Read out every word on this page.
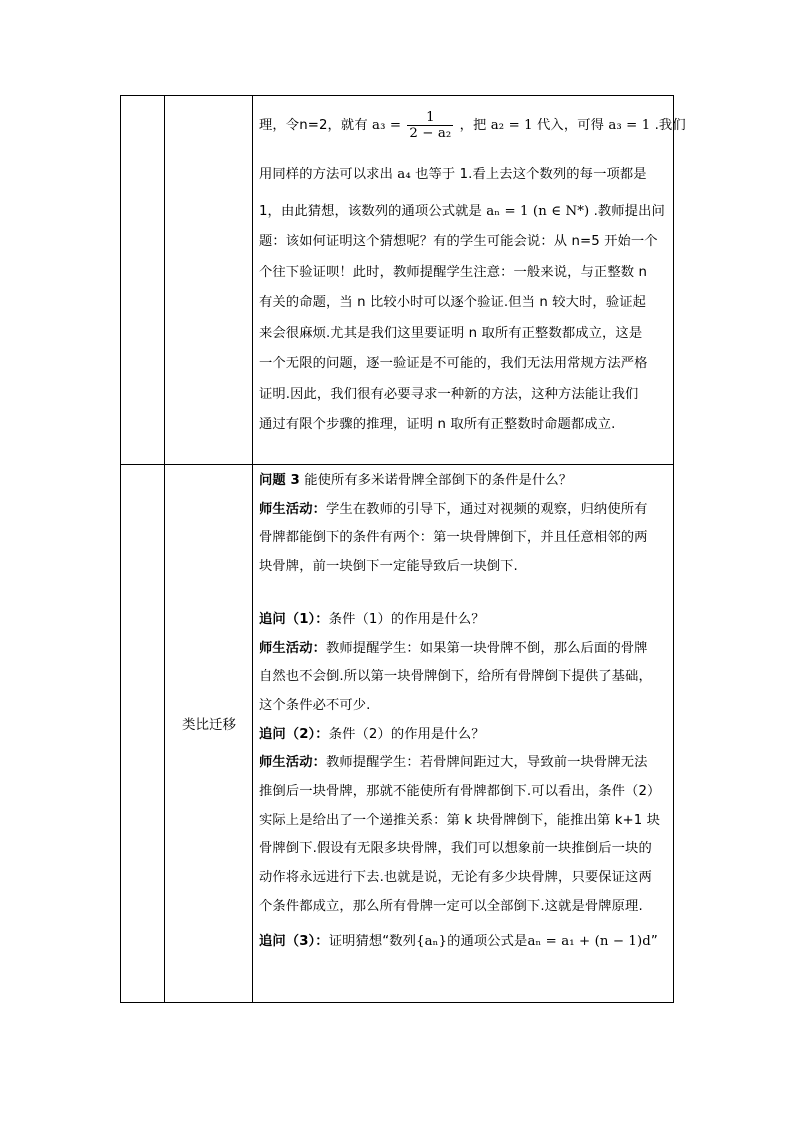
理，令n=2，就有 $a_3 = \frac{1}{\text{2 − a₂}}$ ，把 a₂ = 1 代入，可得 a₃ = 1 .我们

用同样的方法可以求出 a₄ 也等于 1.看上去这个数列的每一项都是

1，由此猜想，该数列的通项公式就是 aₙ = 1 (n ∈ N*) .教师提出问

题：该如何证明这个猜想呢？有的学生可能会说：从 n=5 开始一个

个往下验证呗！此时，教师提醒学生注意：一般来说，与正整数 n

有关的命题，当 n 比较小时可以逐个验证.但当 n 较大时，验证起

来会很麻烦.尤其是我们这里要证明 n 取所有正整数都成立，这是

一个无限的问题，逐一验证是不可能的，我们无法用常规方法严格

证明.因此，我们很有必要寻求一种新的方法，这种方法能让我们

通过有限个步骤的推理，证明 n 取所有正整数时命题都成立.

类比迁移

问题 3 能使所有多米诺骨牌全部倒下的条件是什么？

师生活动：学生在教师的引导下，通过对视频的观察，归纳使所有

骨牌都能倒下的条件有两个：第一块骨牌倒下，并且任意相邻的两

块骨牌，前一块倒下一定能导致后一块倒下.

追问（1）：条件（1）的作用是什么？

师生活动：教师提醒学生：如果第一块骨牌不倒，那么后面的骨牌

自然也不会倒.所以第一块骨牌倒下，给所有骨牌倒下提供了基础，

这个条件必不可少.

追问（2）：条件（2）的作用是什么？

师生活动：教师提醒学生：若骨牌间距过大，导致前一块骨牌无法

推倒后一块骨牌，那就不能使所有骨牌都倒下.可以看出，条件（2）

实际上是给出了一个递推关系：第 k 块骨牌倒下，能推出第 k+1 块

骨牌倒下.假设有无限多块骨牌，我们可以想象前一块推倒后一块的

动作将永远进行下去.也就是说，无论有多少块骨牌，只要保证这两

个条件都成立，那么所有骨牌一定可以全部倒下.这就是骨牌原理.

追问（3）：证明猜想“数列{aₙ}的通项公式是aₙ = a₁ + (n − 1)d”
